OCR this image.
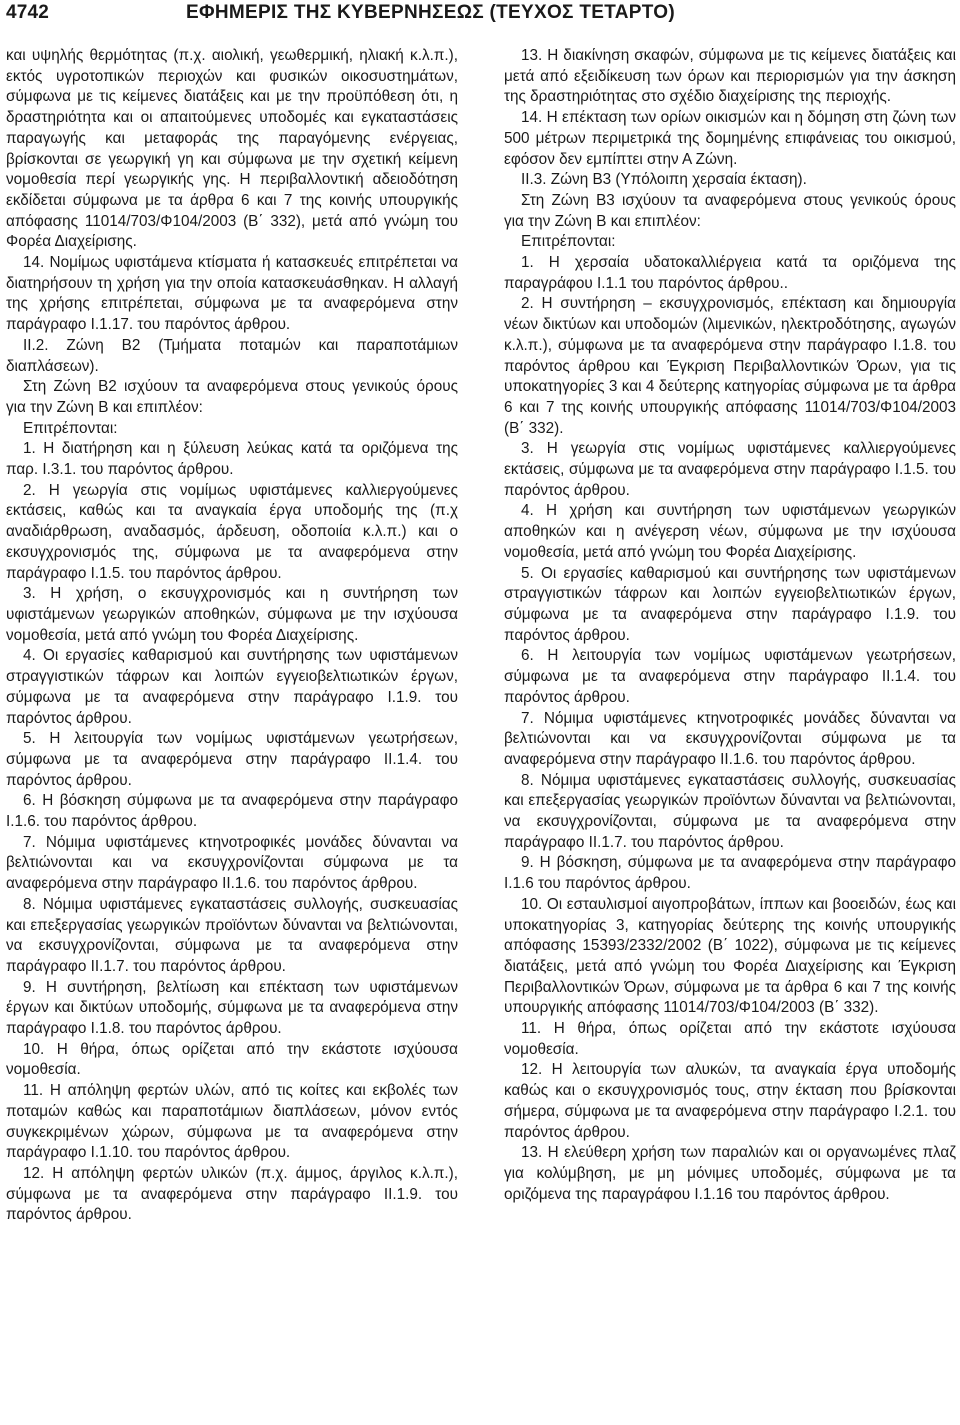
4742	ΕΦΗΜΕΡΙΣ ΤΗΣ ΚΥΒΕΡΝΗΣΕΩΣ (ΤΕΥΧΟΣ ΤΕΤΑΡΤΟ)

και υψηλής θερμότητας (π.χ. αιολική, γεωθερμική, ηλιακή κ.λ.π.), εκτός υγροτοπικών περιοχών και φυσικών οικοσυστημάτων, σύμφωνα με τις κείμενες διατάξεις και με την προϋπόθεση ότι, η δραστηριότητα και οι απαιτούμενες υποδομές και εγκαταστάσεις παραγωγής και μεταφοράς της παραγόμενης ενέργειας, βρίσκονται σε γεωργική γη και σύμφωνα με την σχετική κείμενη νομοθεσία περί γεωργικής γης. Η περιβαλλοντική αδειοδότηση εκδίδεται σύμφωνα με τα άρθρα 6 και 7 της κοινής υπουργικής απόφασης 11014/703/Φ104/2003 (Β΄ 332), μετά από γνώμη του Φορέα Διαχείρισης.

14. Νομίμως υφιστάμενα κτίσματα ή κατασκευές επιτρέπεται να διατηρήσουν τη χρήση για την οποία κατασκευάσθηκαν. Η αλλαγή της χρήσης επιτρέπεται, σύμφωνα με τα αναφερόμενα στην παράγραφο Ι.1.17. του παρόντος άρθρου.

ΙΙ.2. Ζώνη Β2 (Τμήματα ποταμών και παραποτάμιων διαπλάσεων).

Στη Ζώνη Β2 ισχύουν τα αναφερόμενα στους γενικούς όρους για την Ζώνη Β και επιπλέον:

Επιτρέπονται:

1. Η διατήρηση και η ξύλευση λεύκας κατά τα οριζόμενα της παρ. Ι.3.1. του παρόντος άρθρου.

2. Η γεωργία στις νομίμως υφιστάμενες καλλιεργούμενες εκτάσεις, καθώς και τα αναγκαία έργα υποδομής της (π.χ αναδιάρθρωση, αναδασμός, άρδευση, οδοποιία κ.λ.π.) και ο εκσυγχρονισμός της, σύμφωνα με τα αναφερόμενα στην παράγραφο Ι.1.5. του παρόντος άρθρου.

3. Η χρήση, ο εκσυγχρονισμός και η συντήρηση των υφιστάμενων γεωργικών αποθηκών, σύμφωνα με την ισχύουσα νομοθεσία, μετά από γνώμη του Φορέα Διαχείρισης.

4. Οι εργασίες καθαρισμού και συντήρησης των υφιστάμενων στραγγιστικών τάφρων και λοιπών εγγειοβελτιωτικών έργων, σύμφωνα με τα αναφερόμενα στην παράγραφο Ι.1.9. του παρόντος άρθρου.

5. Η λειτουργία των νομίμως υφιστάμενων γεωτρήσεων, σύμφωνα με τα αναφερόμενα στην παράγραφο ΙΙ.1.4. του παρόντος άρθρου.

6. Η βόσκηση σύμφωνα με τα αναφερόμενα στην παράγραφο Ι.1.6. του παρόντος άρθρου.

7. Νόμιμα υφιστάμενες κτηνοτροφικές μονάδες δύνανται να βελτιώνονται και να εκσυγχρονίζονται σύμφωνα με τα αναφερόμενα στην παράγραφο ΙΙ.1.6. του παρόντος άρθρου.

8. Νόμιμα υφιστάμενες εγκαταστάσεις συλλογής, συσκευασίας και επεξεργασίας γεωργικών προϊόντων δύνανται να βελτιώνονται, να εκσυγχρονίζονται, σύμφωνα με τα αναφερόμενα στην παράγραφο ΙΙ.1.7. του παρόντος άρθρου.

9. Η συντήρηση, βελτίωση και επέκταση των υφιστάμενων έργων και δικτύων υποδομής, σύμφωνα με τα αναφερόμενα στην παράγραφο Ι.1.8. του παρόντος άρθρου.

10. Η θήρα, όπως ορίζεται από την εκάστοτε ισχύουσα νομοθεσία.

11. Η απόληψη φερτών υλών, από τις κοίτες και εκβολές των ποταμών καθώς και παραποτάμιων διαπλάσεων, μόνον εντός συγκεκριμένων χώρων, σύμφωνα με τα αναφερόμενα στην παράγραφο Ι.1.10. του παρόντος άρθρου.

12. Η απόληψη φερτών υλικών (π.χ. άμμος, άργιλος κ.λ.π.), σύμφωνα με τα αναφερόμενα στην παράγραφο ΙΙ.1.9. του παρόντος άρθρου.

13. Η διακίνηση σκαφών, σύμφωνα με τις κείμενες διατάξεις και μετά από εξειδίκευση των όρων και περιορισμών για την άσκηση της δραστηριότητας στο σχέδιο διαχείρισης της περιοχής.

14. Η επέκταση των ορίων οικισμών και η δόμηση στη ζώνη των 500 μέτρων περιμετρικά της δομημένης επιφάνειας του οικισμού, εφόσον δεν εμπίπτει στην Α Ζώνη.

ΙΙ.3. Ζώνη Β3 (Υπόλοιπη χερσαία έκταση).

Στη Ζώνη Β3 ισχύουν τα αναφερόμενα στους γενικούς όρους για την Ζώνη Β και επιπλέον:

Επιτρέπονται:

1. Η χερσαία υδατοκαλλιέργεια κατά τα οριζόμενα της παραγράφου Ι.1.1 του παρόντος άρθρου..

2. Η συντήρηση – εκσυγχρονισμός, επέκταση και δημιουργία νέων δικτύων και υποδομών (λιμενικών, ηλεκτροδότησης, αγωγών κ.λ.π.), σύμφωνα με τα αναφερόμενα στην παράγραφο Ι.1.8. του παρόντος άρθρου και Έγκριση Περιβαλλοντικών Όρων, για τις υποκατηγορίες 3 και 4 δεύτερης κατηγορίας σύμφωνα με τα άρθρα 6 και 7 της κοινής υπουργικής απόφασης 11014/703/Φ104/2003 (Β΄ 332).

3. Η γεωργία στις νομίμως υφιστάμενες καλλιεργούμενες εκτάσεις, σύμφωνα με τα αναφερόμενα στην παράγραφο Ι.1.5. του παρόντος άρθρου.

4. Η χρήση και συντήρηση των υφιστάμενων γεωργικών αποθηκών και η ανέγερση νέων, σύμφωνα με την ισχύουσα νομοθεσία, μετά από γνώμη του Φορέα Διαχείρισης.

5. Οι εργασίες καθαρισμού και συντήρησης των υφιστάμενων στραγγιστικών τάφρων και λοιπών εγγειοβελτιωτικών έργων, σύμφωνα με τα αναφερόμενα στην παράγραφο Ι.1.9. του παρόντος άρθρου.

6. Η λειτουργία των νομίμως υφιστάμενων γεωτρήσεων, σύμφωνα με τα αναφερόμενα στην παράγραφο ΙΙ.1.4. του παρόντος άρθρου.

7. Νόμιμα υφιστάμενες κτηνοτροφικές μονάδες δύνανται να βελτιώνονται και να εκσυγχρονίζονται σύμφωνα με τα αναφερόμενα στην παράγραφο ΙΙ.1.6. του παρόντος άρθρου.

8. Νόμιμα υφιστάμενες εγκαταστάσεις συλλογής, συσκευασίας και επεξεργασίας γεωργικών προϊόντων δύνανται να βελτιώνονται, να εκσυγχρονίζονται, σύμφωνα με τα αναφερόμενα στην παράγραφο ΙΙ.1.7. του παρόντος άρθρου.

9. Η βόσκηση, σύμφωνα με τα αναφερόμενα στην παράγραφο Ι.1.6 του παρόντος άρθρου.

10. Οι εσταυλισμοί αιγοπροβάτων, ίππων και βοοειδών, έως και υποκατηγορίας 3, κατηγορίας δεύτερης της κοινής υπουργικής απόφασης 15393/2332/2002 (Β΄ 1022), σύμφωνα με τις κείμενες διατάξεις, μετά από γνώμη του Φορέα Διαχείρισης και Έγκριση Περιβαλλοντικών Όρων, σύμφωνα με τα άρθρα 6 και 7 της κοινής υπουργικής απόφασης 11014/703/Φ104/2003 (Β΄ 332).

11. Η θήρα, όπως ορίζεται από την εκάστοτε ισχύουσα νομοθεσία.

12. Η λειτουργία των αλυκών, τα αναγκαία έργα υποδομής καθώς και ο εκσυγχρονισμός τους, στην έκταση που βρίσκονται σήμερα, σύμφωνα με τα αναφερόμενα στην παράγραφο Ι.2.1. του παρόντος άρθρου.

13. Η ελεύθερη χρήση των παραλιών και οι οργανωμένες πλαζ για κολύμβηση, με μη μόνιμες υποδομές, σύμφωνα με τα οριζόμενα της παραγράφου Ι.1.16 του παρόντος άρθρου.
